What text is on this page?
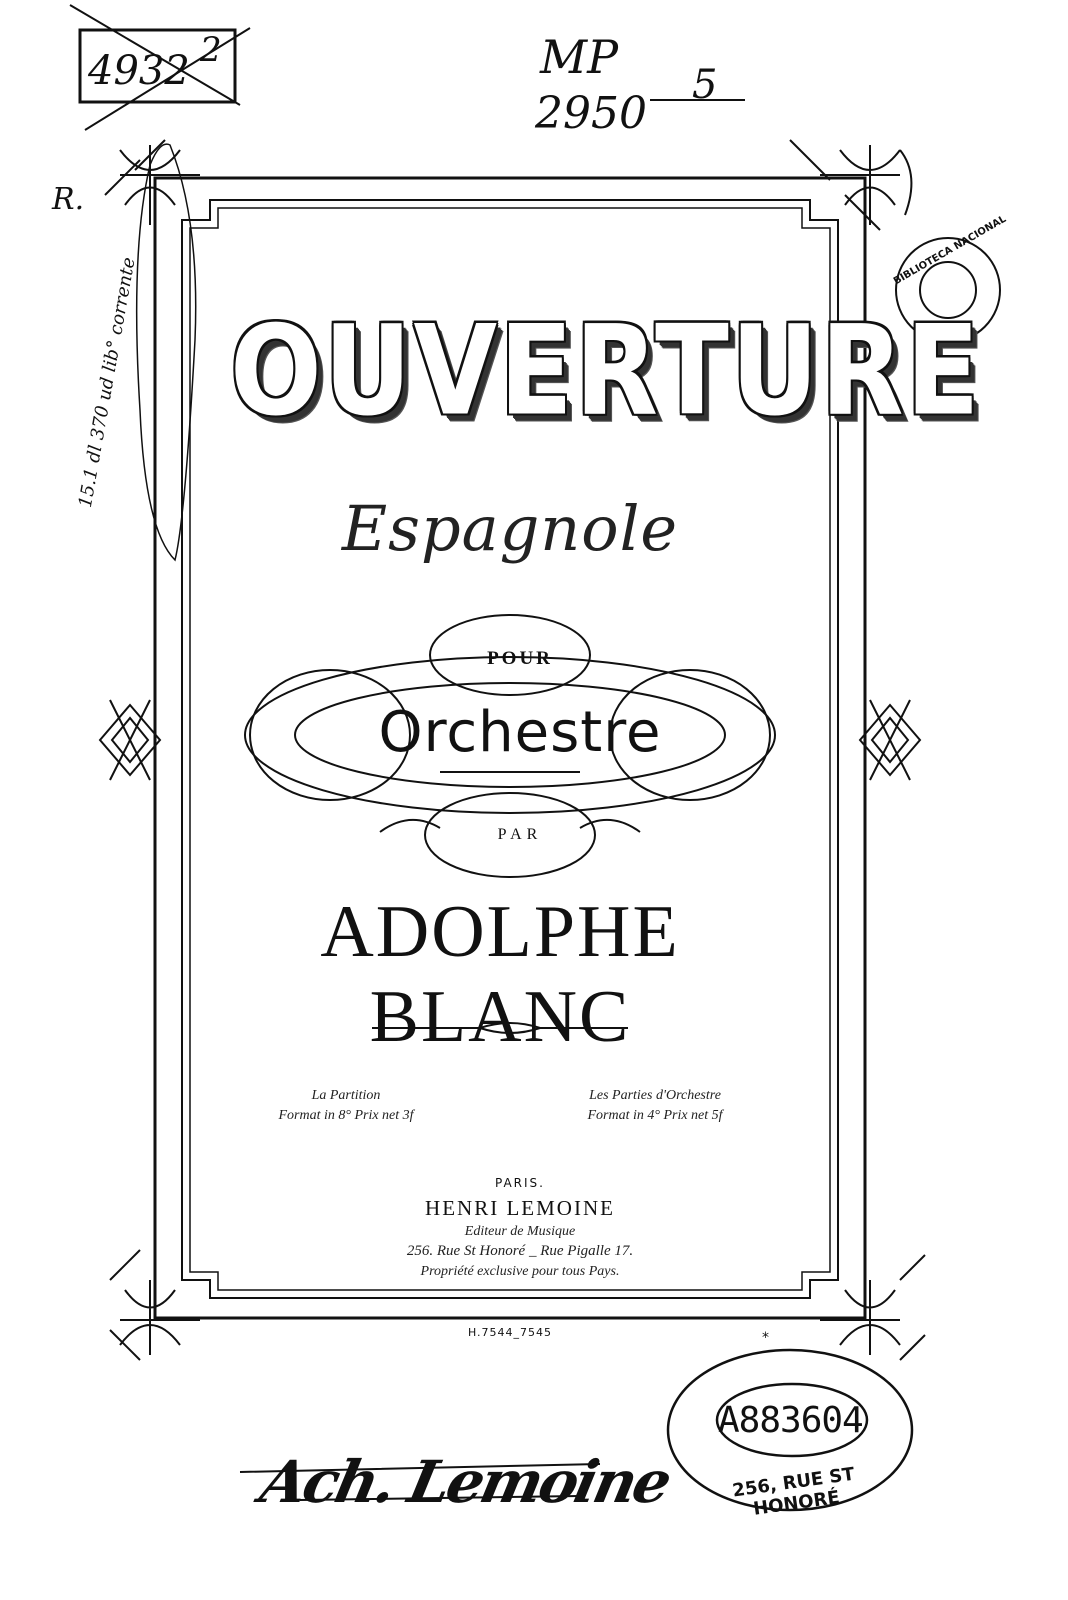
OUVERTURE
Espagnole
POUR
Orchestre
PAR
ADOLPHE BLANC
La Partition
Format in 8° Prix net 3f
Les Parties d'Orchestre
Format in 4° Prix net 5f
PARIS.
HENRI LEMOINE
Editeur de Musique
256. Rue St Honoré _ Rue Pigalle 17.
Propriété exclusive pour tous Pays.
H.7544_7545
4932 2	MP
2950
5
R.
15.1 dl 370 ud lib° corrente
*
BIBLIOTECA NACIONAL
A883604
256, RUE ST HONORÉ
Ach. Lemoine
